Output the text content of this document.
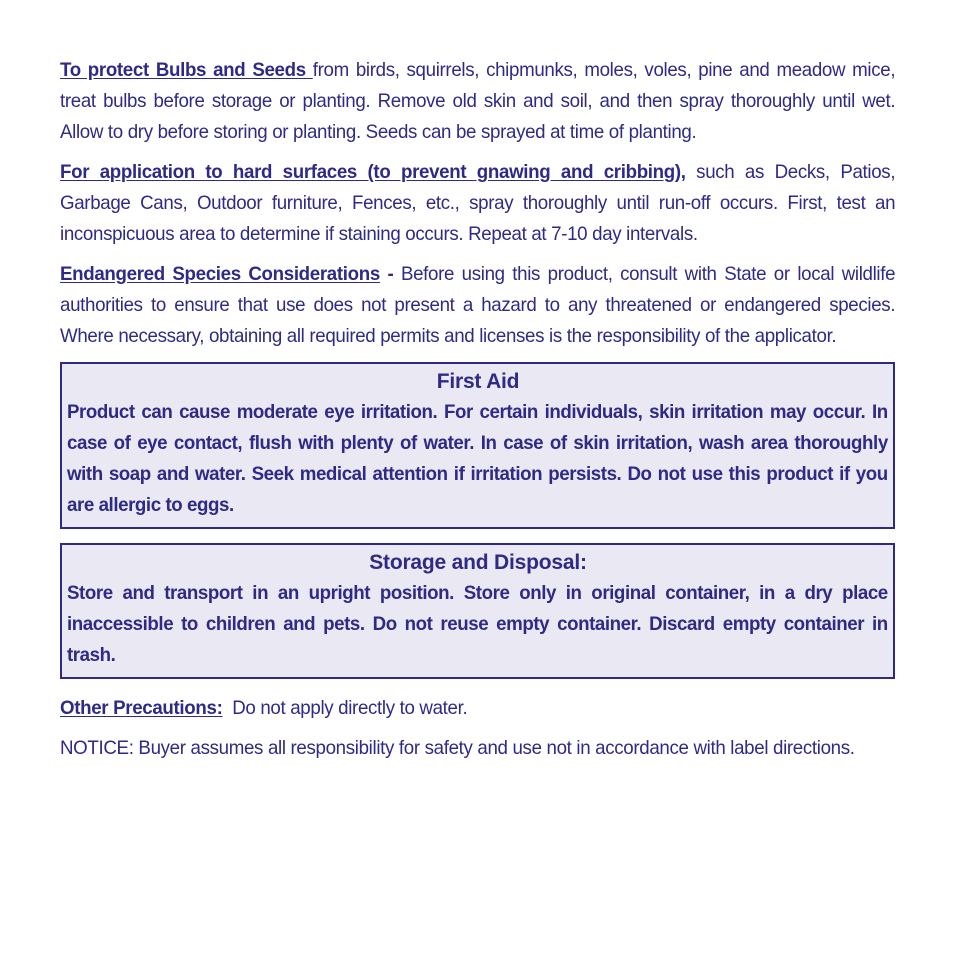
To protect Bulbs and Seeds from birds, squirrels, chipmunks, moles, voles, pine and meadow mice, treat bulbs before storage or planting. Remove old skin and soil, and then spray thoroughly until wet. Allow to dry before storing or planting. Seeds can be sprayed at time of planting.

For application to hard surfaces (to prevent gnawing and cribbing), such as Decks, Patios, Garbage Cans, Outdoor furniture, Fences, etc., spray thoroughly until run-off occurs. First, test an inconspicuous area to determine if staining occurs. Repeat at 7-10 day intervals.

Endangered Species Considerations - Before using this product, consult with State or local wildlife authorities to ensure that use does not present a hazard to any threatened or endangered species. Where necessary, obtaining all required permits and licenses is the responsibility of the applicator.

First Aid
Product can cause moderate eye irritation. For certain individuals, skin irritation may occur. In case of eye contact, flush with plenty of water. In case of skin irritation, wash area thoroughly with soap and water. Seek medical attention if irritation persists. Do not use this product if you are allergic to eggs.
Storage and Disposal:
Store and transport in an upright position. Store only in original container, in a dry place inaccessible to children and pets. Do not reuse empty container. Discard empty container in trash.

Other Precautions:  Do not apply directly to water.

NOTICE: Buyer assumes all responsibility for safety and use not in accordance with label directions.
